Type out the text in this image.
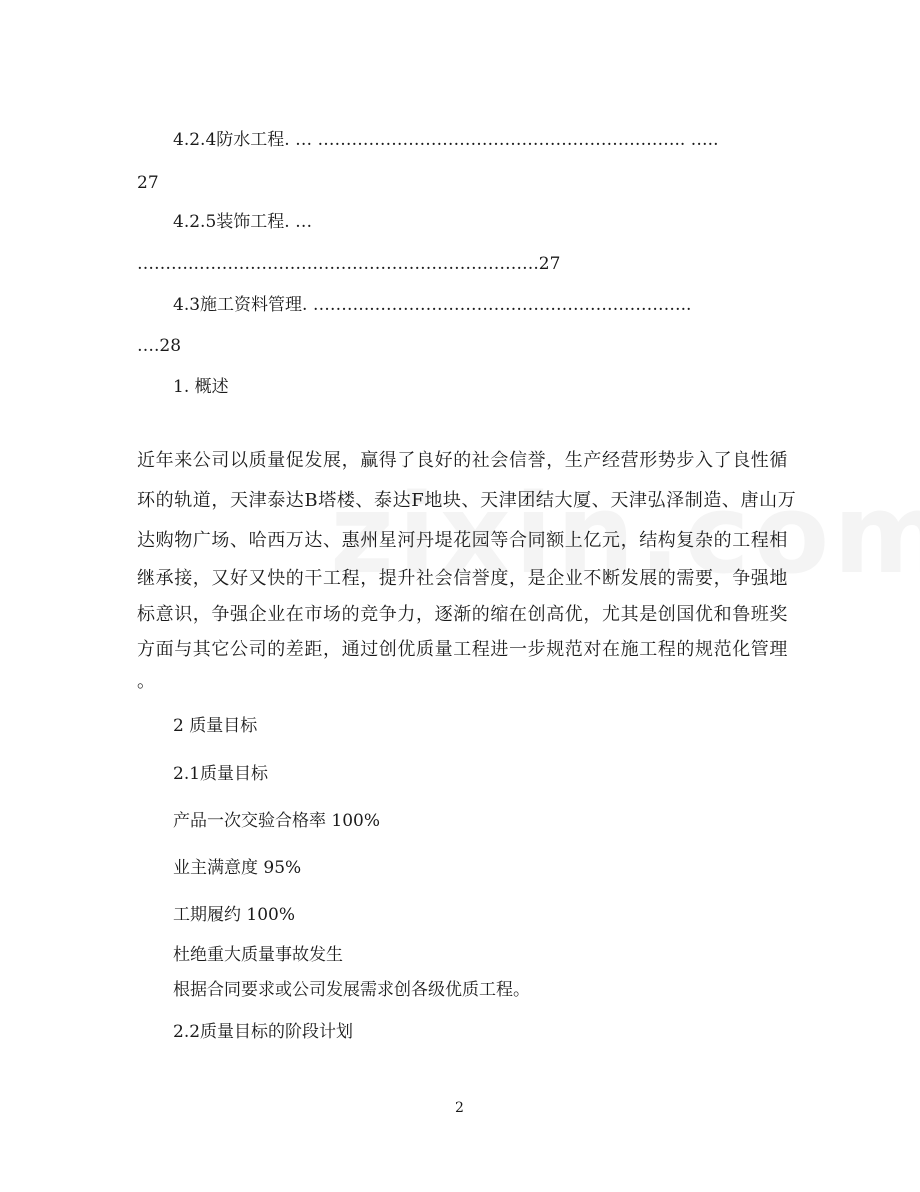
4.2.4防水工程. … ……………………………………………………….. …..
27
4.2.5装饰工程. …
……….…………………………………………………….27
4.3施工资料管理. ………..………………………………………………..
….28
1. 概述
近年来公司以质量促发展，赢得了良好的社会信誉，生产经营形势步入了良性循
环的轨道，天津泰达B塔楼、泰达F地块、天津团结大厦、天津弘泽制造、唐山万
达购物广场、哈西万达、惠州星河丹堤花园等合同额上亿元，结构复杂的工程相
继承接，又好又快的干工程，提升社会信誉度，是企业不断发展的需要，争强地
标意识，争强企业在市场的竞争力，逐渐的缩在创高优，尤其是创国优和鲁班奖
方面与其它公司的差距，通过创优质量工程进一步规范对在施工程的规范化管理
。
2 质量目标
2.1质量目标
产品一次交验合格率 100%
业主满意度 95%
工期履约 100%
杜绝重大质量事故发生
根据合同要求或公司发展需求创各级优质工程。
2.2质量目标的阶段计划
2
